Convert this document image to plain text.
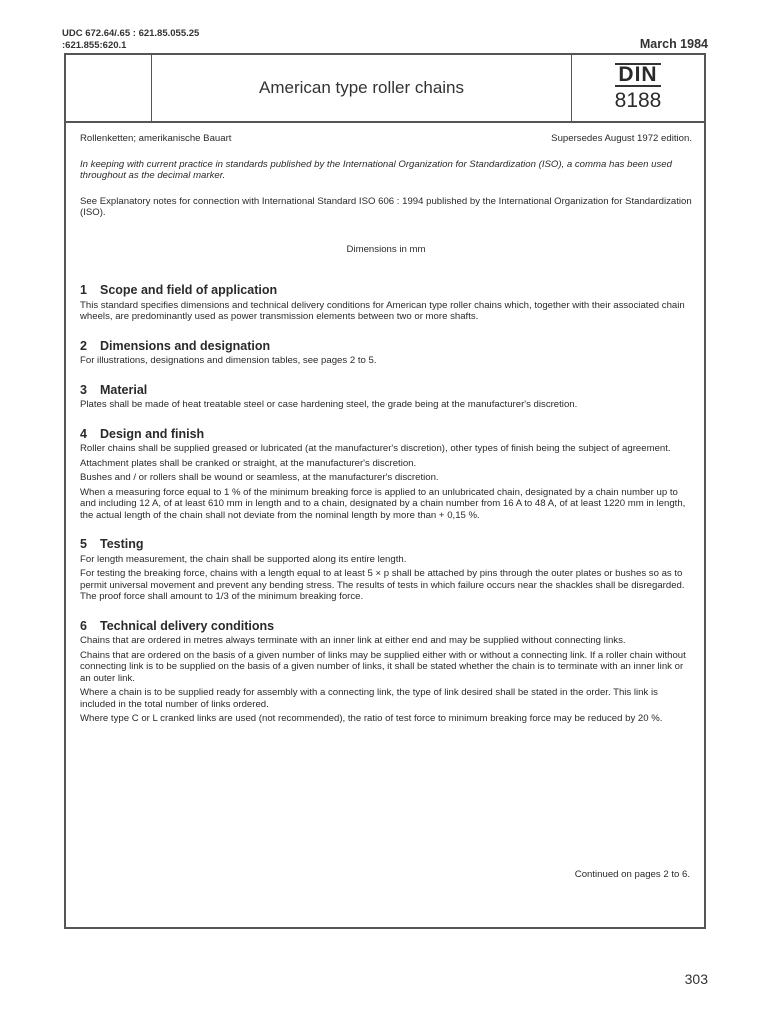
UDC 672.64/.65 : 621.85.055.25
:621.855:620.1	March 1984
American type roller chains
DIN
8188
Rollenketten; amerikanische Bauart	Supersedes August 1972 edition.

In keeping with current practice in standards published by the International Organization for Standardization (ISO), a comma has been used throughout as the decimal marker.

See Explanatory notes for connection with International Standard ISO 606 : 1994 published by the International Organization for Standardization (ISO).

Dimensions in mm

1 Scope and field of application

This standard specifies dimensions and technical delivery conditions for American type roller chains which, together with their associated chain wheels, are predominantly used as power transmission elements between two or more shafts.

2 Dimensions and designation

For illustrations, designations and dimension tables, see pages 2 to 5.

3 Material

Plates shall be made of heat treatable steel or case hardening steel, the grade being at the manufacturer's discretion.

4 Design and finish

Roller chains shall be supplied greased or lubricated (at the manufacturer's discretion), other types of finish being the subject of agreement.

Attachment plates shall be cranked or straight, at the manufacturer's discretion.

Bushes and / or rollers shall be wound or seamless, at the manufacturer's discretion.

When a measuring force equal to 1 % of the minimum breaking force is applied to an unlubricated chain, designated by a chain number up to and including 12 A, of at least 610 mm in length and to a chain, designated by a chain number from 16 A to 48 A, of at least 1220 mm in length, the actual length of the chain shall not deviate from the nominal length by more than + 0,15 %.

5 Testing

For length measurement, the chain shall be supported along its entire length.

For testing the breaking force, chains with a length equal to at least 5 × p shall be attached by pins through the outer plates or bushes so as to permit universal movement and prevent any bending stress. The results of tests in which failure occurs near the shackles shall be disregarded. The proof force shall amount to 1/3 of the minimum breaking force.

6 Technical delivery conditions

Chains that are ordered in metres always terminate with an inner link at either end and may be supplied without connecting links.

Chains that are ordered on the basis of a given number of links may be supplied either with or without a connecting link. If a roller chain without connecting link is to be supplied on the basis of a given number of links, it shall be stated whether the chain is to terminate with an inner link or an outer link.

Where a chain is to be supplied ready for assembly with a connecting link, the type of link desired shall be stated in the order. This link is included in the total number of links ordered.

Where type C or L cranked links are used (not recommended), the ratio of test force to minimum breaking force may be reduced by 20 %.

Continued on pages 2 to 6.
303
